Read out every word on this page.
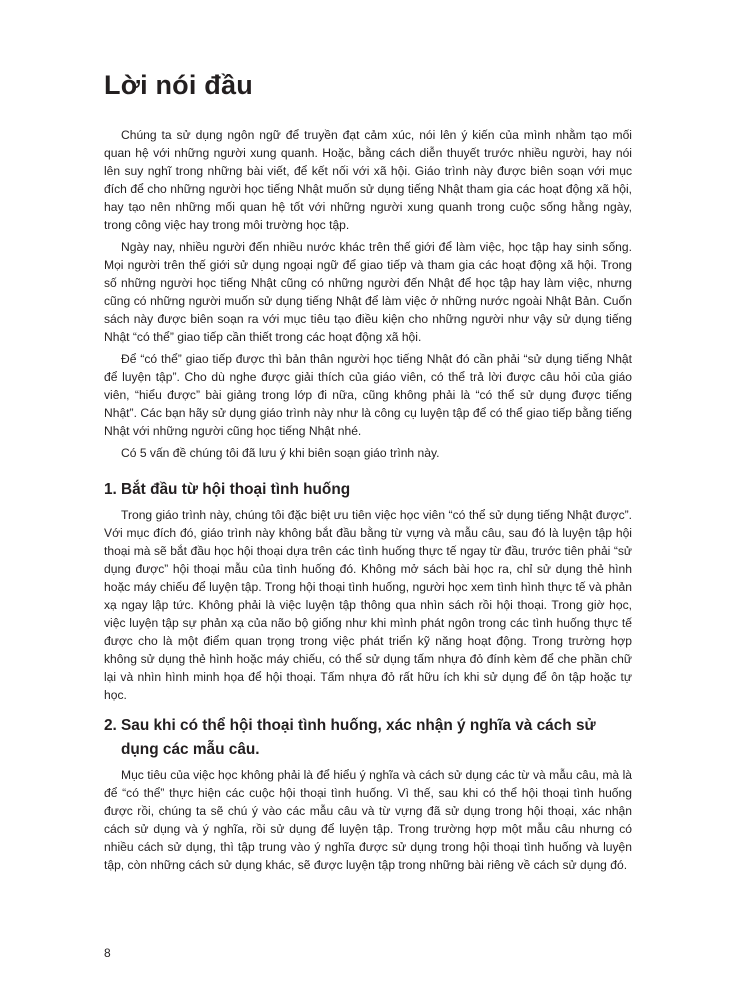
Lời nói đầu

Chúng ta sử dụng ngôn ngữ để truyền đạt cảm xúc, nói lên ý kiến của mình nhằm tạo mối quan hệ với những người xung quanh. Hoặc, bằng cách diễn thuyết trước nhiều người, hay nói lên suy nghĩ trong những bài viết, để kết nối với xã hội. Giáo trình này được biên soạn với mục đích để cho những người học tiếng Nhật muốn sử dụng tiếng Nhật tham gia các hoạt động xã hội, hay tạo nên những mối quan hệ tốt với những người xung quanh trong cuộc sống hằng ngày, trong công việc hay trong môi trường học tập.

Ngày nay, nhiều người đến nhiều nước khác trên thế giới để làm việc, học tập hay sinh sống. Mọi người trên thế giới sử dụng ngoại ngữ để giao tiếp và tham gia các hoạt động xã hội. Trong số những người học tiếng Nhật cũng có những người đến Nhật để học tập hay làm việc, nhưng cũng có những người muốn sử dụng tiếng Nhật để làm việc ở những nước ngoài Nhật Bản. Cuốn sách này được biên soạn ra với mục tiêu tạo điều kiện cho những người như vậy sử dụng tiếng Nhật “có thể” giao tiếp cần thiết trong các hoạt động xã hội.

Để “có thể” giao tiếp được thì bản thân người học tiếng Nhật đó cần phải “sử dụng tiếng Nhật để luyện tập”. Cho dù nghe được giải thích của giáo viên, có thể trả lời được câu hỏi của giáo viên, “hiểu được” bài giảng trong lớp đi nữa, cũng không phải là “có thể sử dụng được tiếng Nhật”. Các bạn hãy sử dụng giáo trình này như là công cụ luyện tập để có thể giao tiếp bằng tiếng Nhật với những người cũng học tiếng Nhật nhé.

Có 5 vấn đề chúng tôi đã lưu ý khi biên soạn giáo trình này.

1. Bắt đầu từ hội thoại tình huống

Trong giáo trình này, chúng tôi đặc biệt ưu tiên việc học viên “có thể sử dụng tiếng Nhật được”. Với mục đích đó, giáo trình này không bắt đầu bằng từ vựng và mẫu câu, sau đó là luyện tập hội thoại mà sẽ bắt đầu học hội thoại dựa trên các tình huống thực tế ngay từ đầu, trước tiên phải “sử dụng được” hội thoại mẫu của tình huống đó. Không mở sách bài học ra, chỉ sử dụng thẻ hình hoặc máy chiếu để luyện tập. Trong hội thoại tình huống, người học xem tình hình thực tế và phản xạ ngay lập tức. Không phải là việc luyện tập thông qua nhìn sách rồi hội thoại. Trong giờ học, việc luyện tập sự phản xạ của não bộ giống như khi mình phát ngôn trong các tình huống thực tế được cho là một điểm quan trọng trong việc phát triển kỹ năng hoạt động. Trong trường hợp không sử dụng thẻ hình hoặc máy chiếu, có thể sử dụng tấm nhựa đỏ đính kèm để che phần chữ lại và nhìn hình minh họa để hội thoại. Tấm nhựa đỏ rất hữu ích khi sử dụng để ôn tập hoặc tự học.

2. Sau khi có thể hội thoại tình huống, xác nhận ý nghĩa và cách sử dụng các mẫu câu.

Mục tiêu của việc học không phải là để hiểu ý nghĩa và cách sử dụng các từ và mẫu câu, mà là để “có thể” thực hiện các cuộc hội thoại tình huống. Vì thế, sau khi có thể hội thoại tình huống được rồi, chúng ta sẽ chú ý vào các mẫu câu và từ vựng đã sử dụng trong hội thoại, xác nhận cách sử dụng và ý nghĩa, rồi sử dụng để luyện tập. Trong trường hợp một mẫu câu nhưng có nhiều cách sử dụng, thì tập trung vào ý nghĩa được sử dụng trong hội thoại tình huống và luyện tập, còn những cách sử dụng khác, sẽ được luyện tập trong những bài riêng về cách sử dụng đó.

8
